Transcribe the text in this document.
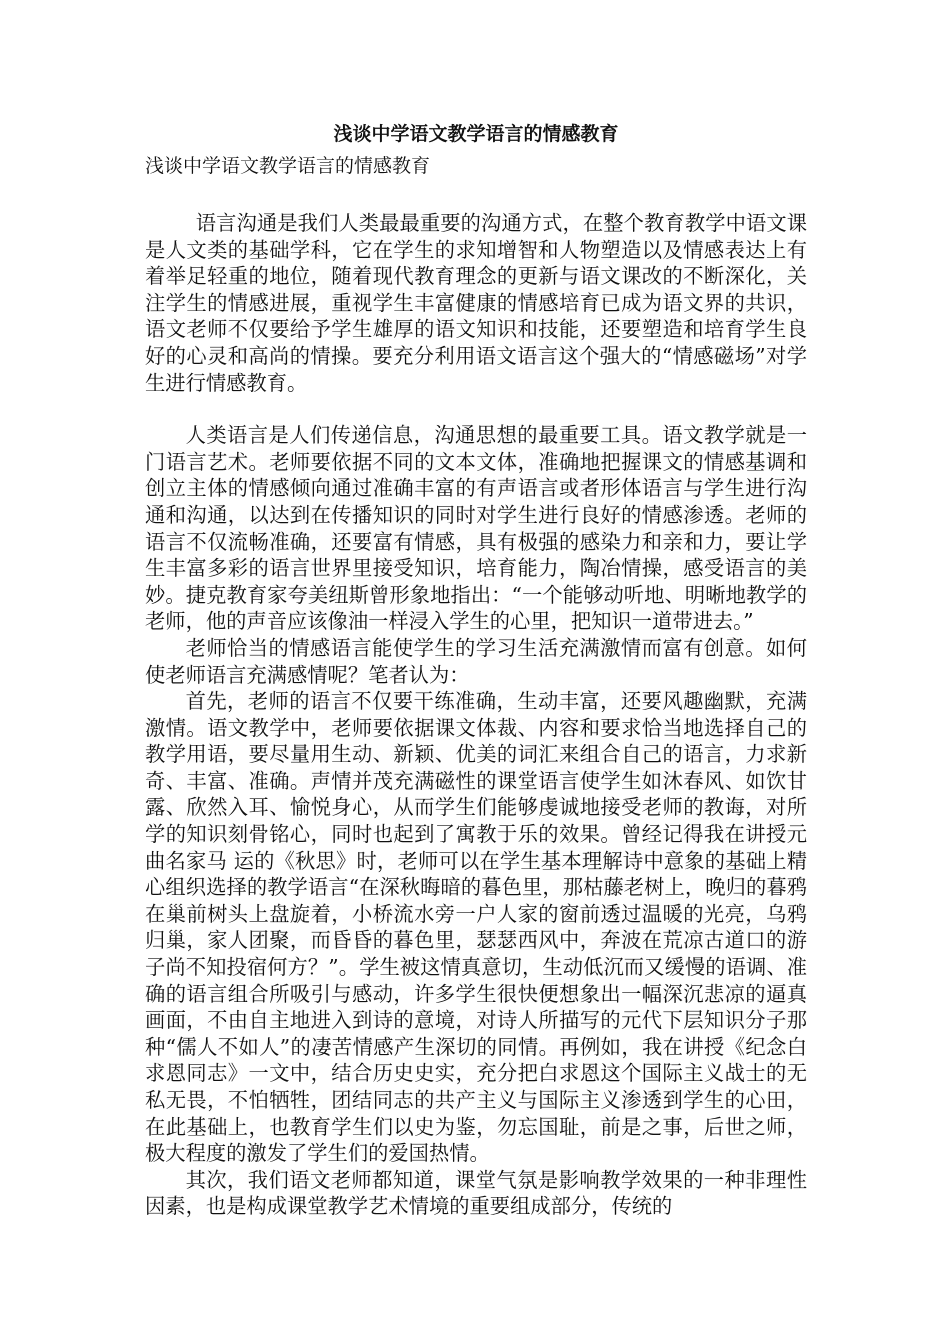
浅谈中学语文教学语言的情感教育
浅谈中学语文教学语言的情感教育

语言沟通是我们人类最最重要的沟通方式，在整个教育教学中语文课是人文类的基础学科，它在学生的求知增智和人物塑造以及情感表达上有着举足轻重的地位，随着现代教育理念的更新与语文课改的不断深化，关注学生的情感进展，重视学生丰富健康的情感培育已成为语文界的共识，语文老师不仅要给予学生雄厚的语文知识和技能，还要塑造和培育学生良好的心灵和高尚的情操。要充分利用语文语言这个强大的“情感磁场”对学生进行情感教育。

人类语言是人们传递信息，沟通思想的最重要工具。语文教学就是一门语言艺术。老师要依据不同的文本文体，准确地把握课文的情感基调和创立主体的情感倾向通过准确丰富的有声语言或者形体语言与学生进行沟通和沟通，以达到在传播知识的同时对学生进行良好的情感渗透。老师的语言不仅流畅准确，还要富有情感，具有极强的感染力和亲和力，要让学生丰富多彩的语言世界里接受知识，培育能力，陶冶情操，感受语言的美妙。捷克教育家夸美纽斯曾形象地指出：“一个能够动听地、明晰地教学的老师，他的声音应该像油一样浸入学生的心里，把知识一道带进去。”

老师恰当的情感语言能使学生的学习生活充满激情而富有创意。如何使老师语言充满感情呢？笔者认为：

首先，老师的语言不仅要干练准确，生动丰富，还要风趣幽默，充满激情。语文教学中，老师要依据课文体裁、内容和要求恰当地选择自己的教学用语，要尽量用生动、新颖、优美的词汇来组合自己的语言，力求新奇、丰富、准确。声情并茂充满磁性的课堂语言使学生如沐春风、如饮甘露、欣然入耳、愉悦身心，从而学生们能够虔诚地接受老师的教诲，对所学的知识刻骨铭心，同时也起到了寓教于乐的效果。曾经记得我在讲授元曲名家马 运的《秋思》时，老师可以在学生基本理解诗中意象的基础上精心组织选择的教学语言“在深秋晦暗的暮色里，那枯藤老树上，晚归的暮鸦在巢前树头上盘旋着，小桥流水旁一户人家的窗前透过温暖的光亮，乌鸦归巢，家人团聚，而昏昏的暮色里，瑟瑟西风中，奔波在荒凉古道口的游子尚不知投宿何方？”。学生被这情真意切，生动低沉而又缓慢的语调、准确的语言组合所吸引与感动，许多学生很快便想象出一幅深沉悲凉的逼真画面，不由自主地进入到诗的意境，对诗人所描写的元代下层知识分子那种“儒人不如人”的凄苦情感产生深切的同情。再例如，我在讲授《纪念白求恩同志》一文中，结合历史史实，充分把白求恩这个国际主义战士的无私无畏，不怕牺牲，团结同志的共产主义与国际主义渗透到学生的心田，在此基础上，也教育学生们以史为鉴，勿忘国耻，前是之事，后世之师，极大程度的激发了学生们的爱国热情。

其次，我们语文老师都知道，课堂气氛是影响教学效果的一种非理性因素，也是构成课堂教学艺术情境的重要组成部分，传统的
